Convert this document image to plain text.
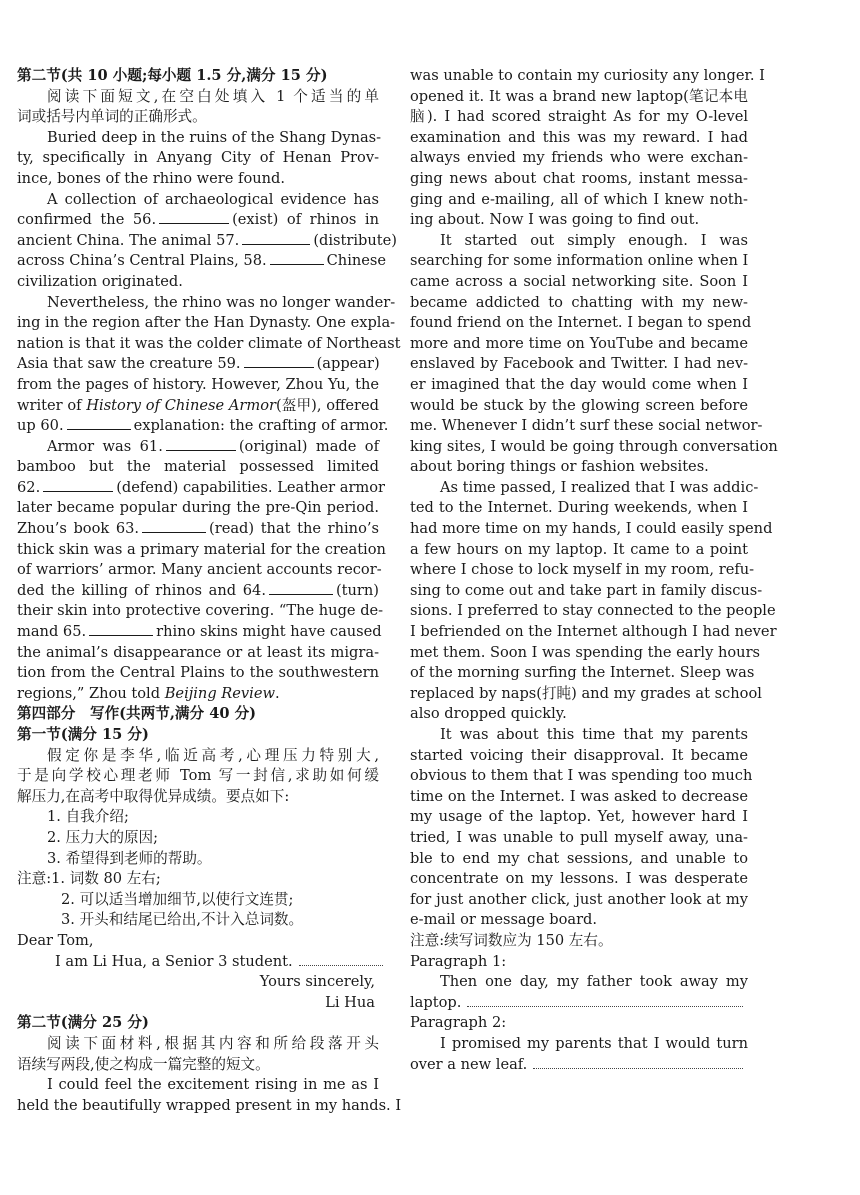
第二节(共 10 小题;每小题 1.5 分,满分 15 分)
阅读下面短文,在空白处填入 1 个适当的单
词或括号内单词的正确形式。
Buried deep in the ruins of the Shang Dynas-
ty, specifically in Anyang City of Henan Prov-
ince, bones of the rhino were found.
A collection of archaeological evidence has
confirmed the 56.	(exist) of rhinos in
ancient China. The animal 57.	(distribute)
across China’s Central Plains, 58.	Chinese
civilization originated.
Nevertheless, the rhino was no longer wander-
ing in the region after the Han Dynasty. One expla-
nation is that it was the colder climate of Northeast
Asia that saw the creature 59.	(appear)
from the pages of history. However, Zhou Yu, the
writer of History of Chinese Armor(盔甲), offered
up 60.	explanation: the crafting of armor.
Armor was 61.	(original) made of
bamboo but the material possessed limited
62.	(defend) capabilities. Leather armor
later became popular during the pre-Qin period.
Zhou’s book 63.	(read) that the rhino’s
thick skin was a primary material for the creation
of warriors’ armor. Many ancient accounts recor-
ded the killing of rhinos and 64.	(turn)
their skin into protective covering. “The huge de-
mand 65.	rhino skins might have caused
the animal’s disappearance or at least its migra-
tion from the Central Plains to the southwestern
regions,” Zhou told Beijing Review.
第四部分　写作(共两节,满分 40 分)
第一节(满分 15 分)
假定你是李华,临近高考,心理压力特别大,
于是向学校心理老师 Tom 写一封信,求助如何缓
解压力,在高考中取得优异成绩。要点如下:
1. 自我介绍;
2. 压力大的原因;
3. 希望得到老师的帮助。
注意:1. 词数 80 左右;
2. 可以适当增加细节,以使行文连贯;
3. 开头和结尾已给出,不计入总词数。
Dear Tom,
I am Li Hua, a Senior 3 student.
Yours sincerely,
Li Hua
第二节(满分 25 分)
阅读下面材料,根据其内容和所给段落开头
语续写两段,使之构成一篇完整的短文。
I could feel the excitement rising in me as I
held the beautifully wrapped present in my hands. I
was unable to contain my curiosity any longer. I
opened it. It was a brand new laptop(笔记本电
脑). I had scored straight As for my O-level
examination and this was my reward. I had
always envied my friends who were exchan-
ging news about chat rooms, instant messa-
ging and e-mailing, all of which I knew noth-
ing about. Now I was going to find out.
It started out simply enough. I was
searching for some information online when I
came across a social networking site. Soon I
became addicted to chatting with my new-
found friend on the Internet. I began to spend
more and more time on YouTube and became
enslaved by Facebook and Twitter. I had nev-
er imagined that the day would come when I
would be stuck by the glowing screen before
me. Whenever I didn’t surf these social networ-
king sites, I would be going through conversation
about boring things or fashion websites.
As time passed, I realized that I was addic-
ted to the Internet. During weekends, when I
had more time on my hands, I could easily spend
a few hours on my laptop. It came to a point
where I chose to lock myself in my room, refu-
sing to come out and take part in family discus-
sions. I preferred to stay connected to the people
I befriended on the Internet although I had never
met them. Soon I was spending the early hours
of the morning surfing the Internet. Sleep was
replaced by naps(打盹) and my grades at school
also dropped quickly.
It was about this time that my parents
started voicing their disapproval. It became
obvious to them that I was spending too much
time on the Internet. I was asked to decrease
my usage of the laptop. Yet, however hard I
tried, I was unable to pull myself away, una-
ble to end my chat sessions, and unable to
concentrate on my lessons. I was desperate
for just another click, just another look at my
e-mail or message board.
注意:续写词数应为 150 左右。
Paragraph 1:
Then one day, my father took away my
laptop.
Paragraph 2:
I promised my parents that I would turn
over a new leaf.
